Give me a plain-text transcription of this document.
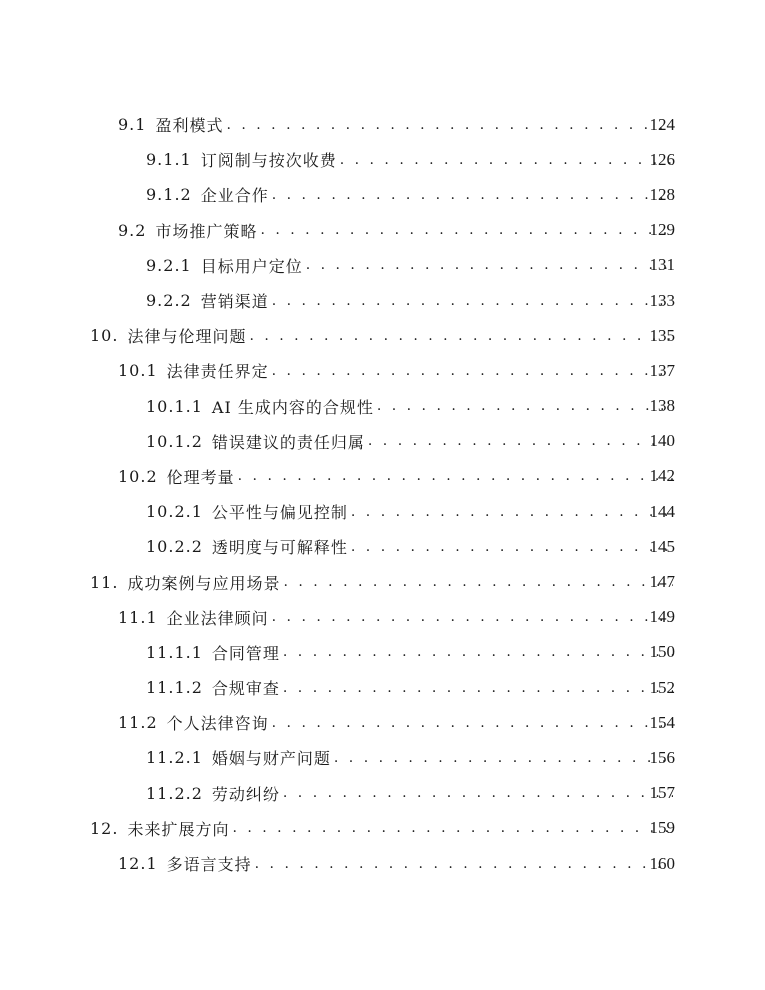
9.1 盈利模式 . . .	124
9.1.1 订阅制与按次收费 . . .	126
9.1.2 企业合作 . . .	128
9.2 市场推广策略 . . .	129
9.2.1 目标用户定位 . . .	131
9.2.2 营销渠道 . . .	133
10. 法律与伦理问题 . . .	135
10.1 法律责任界定 . . .	137
10.1.1 AI 生成内容的合规性 . . .	138
10.1.2 错误建议的责任归属 . . .	140
10.2 伦理考量 . . .	142
10.2.1 公平性与偏见控制 . . .	144
10.2.2 透明度与可解释性 . . .	145
11. 成功案例与应用场景 . . .	147
11.1 企业法律顾问 . . .	149
11.1.1 合同管理 . . .	150
11.1.2 合规审查 . . .	152
11.2 个人法律咨询 . . .	154
11.2.1 婚姻与财产问题 . . .	156
11.2.2 劳动纠纷 . . .	157
12. 未来扩展方向 . . .	159
12.1 多语言支持 . . .	160
